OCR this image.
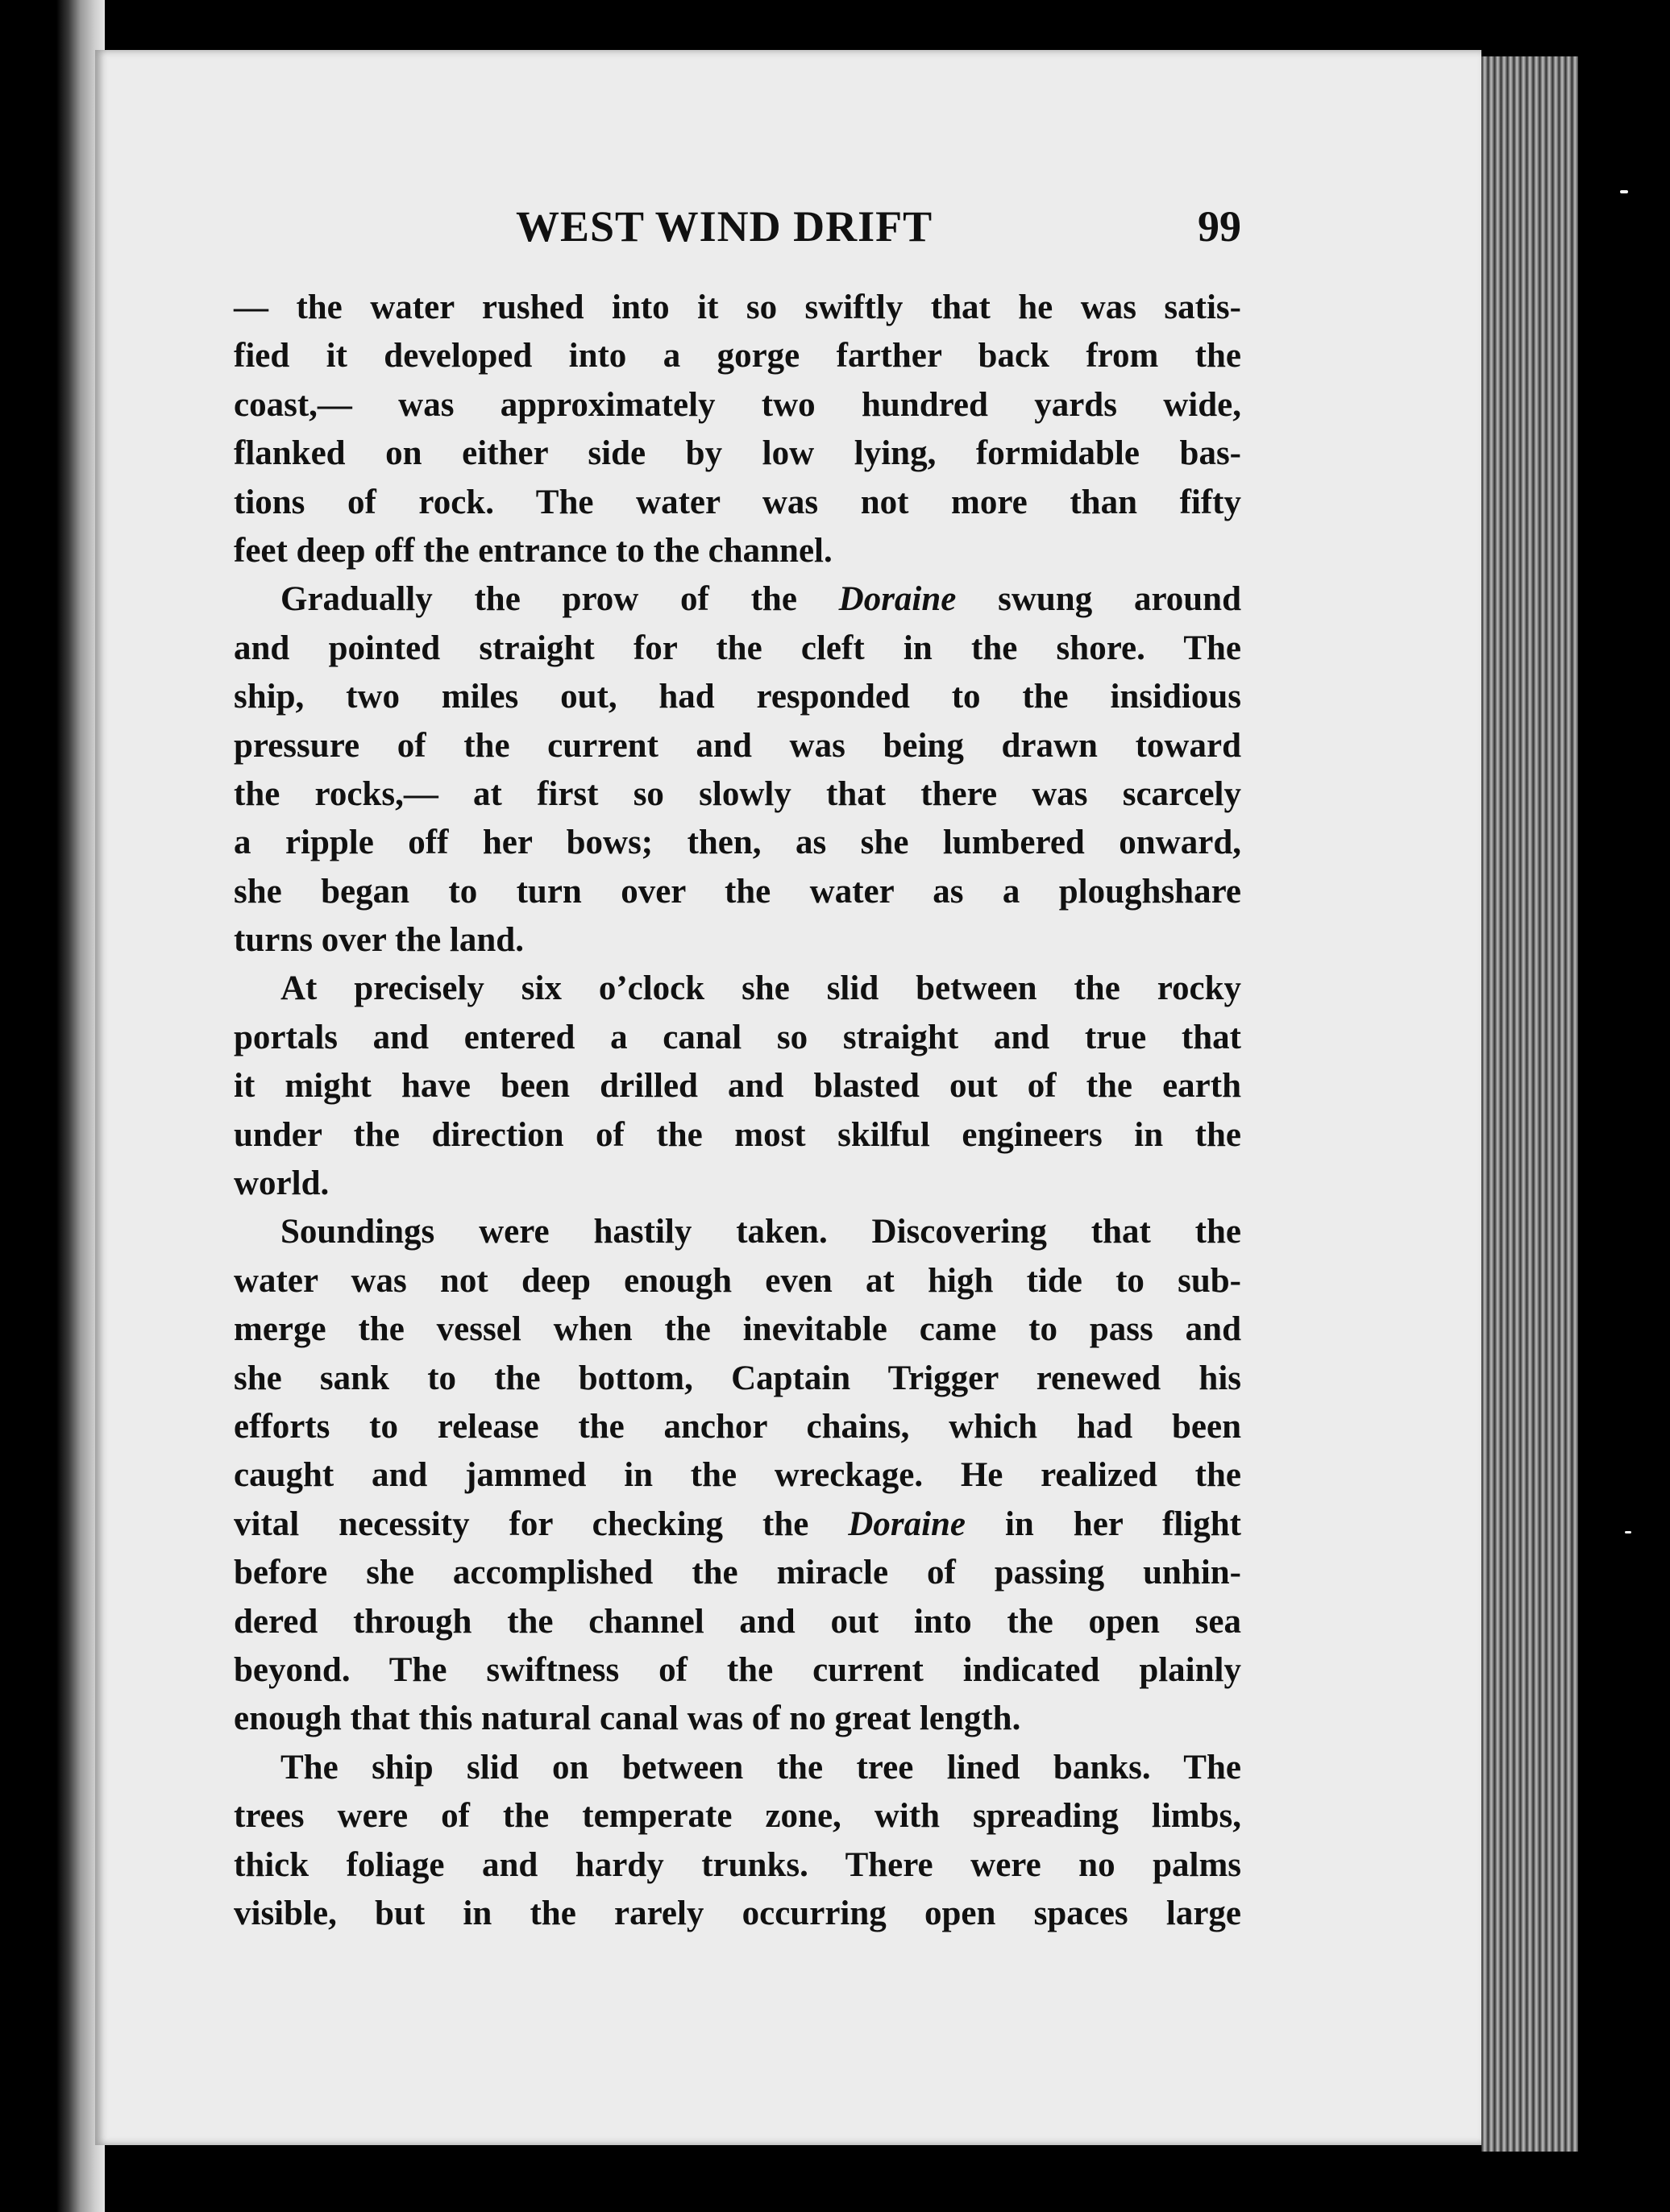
WEST WIND DRIFT	99
— the water rushed into it so swiftly that he was satis-
fied it developed into a gorge farther back from the
coast,— was approximately two hundred yards wide,
flanked on either side by low lying, formidable bas-
tions of rock. The water was not more than fifty
feet deep off the entrance to the channel.
Gradually the prow of the Doraine swung around
and pointed straight for the cleft in the shore. The
ship, two miles out, had responded to the insidious
pressure of the current and was being drawn toward
the rocks,— at first so slowly that there was scarcely
a ripple off her bows; then, as she lumbered onward,
she began to turn over the water as a ploughshare
turns over the land.
At precisely six o’clock she slid between the rocky
portals and entered a canal so straight and true that
it might have been drilled and blasted out of the earth
under the direction of the most skilful engineers in the
world.
Soundings were hastily taken. Discovering that the
water was not deep enough even at high tide to sub-
merge the vessel when the inevitable came to pass and
she sank to the bottom, Captain Trigger renewed his
efforts to release the anchor chains, which had been
caught and jammed in the wreckage. He realized the
vital necessity for checking the Doraine in her flight
before she accomplished the miracle of passing unhin-
dered through the channel and out into the open sea
beyond. The swiftness of the current indicated plainly
enough that this natural canal was of no great length.
The ship slid on between the tree lined banks. The
trees were of the temperate zone, with spreading limbs,
thick foliage and hardy trunks. There were no palms
visible, but in the rarely occurring open spaces large
